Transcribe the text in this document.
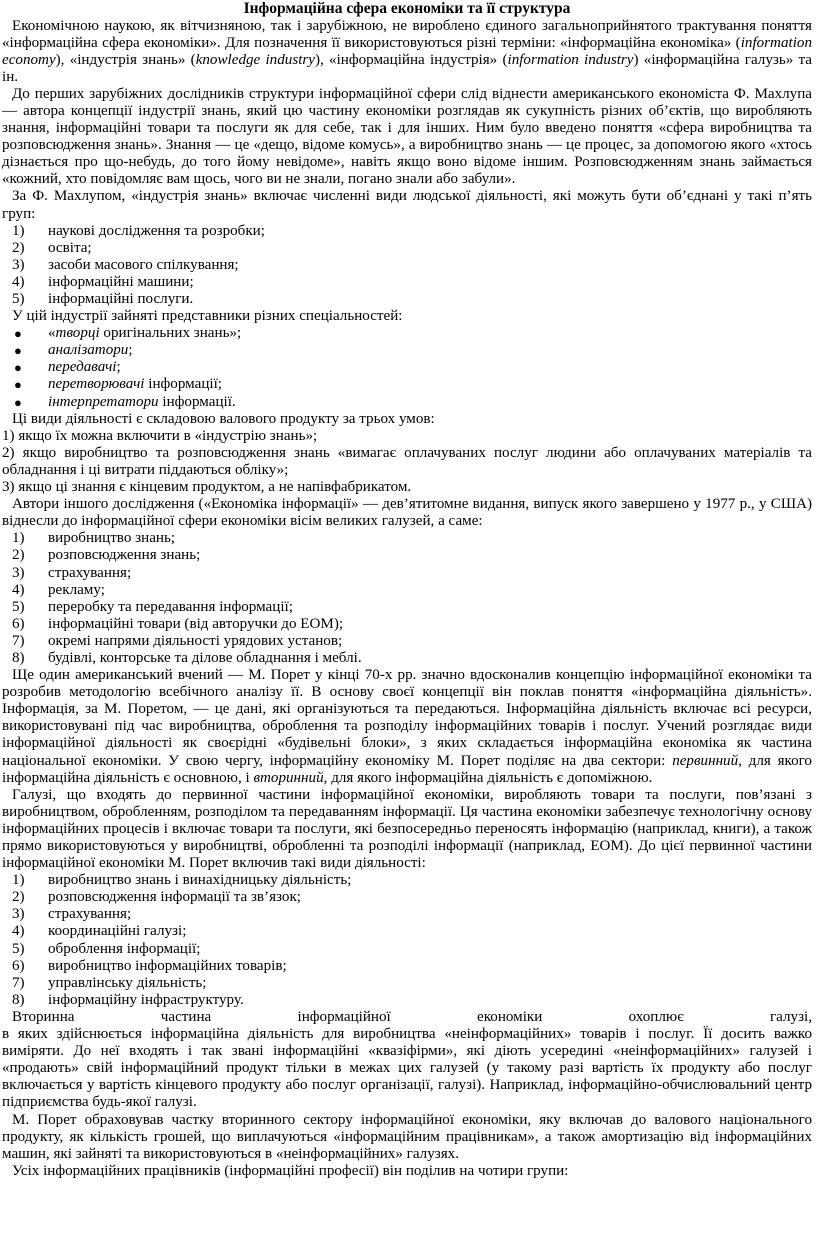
Інформаційна сфера економіки та її структура

Економічною наукою, як вітчизняною, так і зарубіжною, не вироблено єдиного загальноприйнятого трактування поняття «інформаційна сфера економіки». Для позначення її використовуються різні терміни: «інформаційна економіка» (information economy), «індустрія знань» (knowledge industry), «інформаційна індустрія» (information industry) «інформаційна галузь» та ін.

До перших зарубіжних дослідників структури інформаційної сфери слід віднести американського економіста Ф. Махлупа — автора концепції індустрії знань, який цю частину економіки розглядав як сукупність різних об’єктів, що виробляють знання, інформаційні товари та послуги як для себе, так і для інших. Ним було введено поняття «сфера виробництва та розповсюдження знань». Знання — це «дещо, відоме комусь», а виробництво знань — це процес, за допомогою якого «хтось дізнається про що-небудь, до того йому невідоме», навіть якщо воно відоме іншим. Розповсюдженням знань займається «кожний, хто повідомляє вам щось, чого ви не знали, погано знали або забули».

За Ф. Махлупом, «індустрія знань» включає численні види людської діяльності, які можуть бути об’єднані у такі п’ять груп:

1) наукові дослідження та розробки;
2) освіта;
3) засоби масового спілкування;
4) інформаційні машини;
5) інформаційні послуги.

У цій індустрії зайняті представники різних спеціальностей:

● «творці оригінальних знань»;
● аналізатори;
● передавачі;
● перетворювачі інформації;
● інтерпретатори інформації.

Ці види діяльності є складовою валового продукту за трьох умов:

1) якщо їх можна включити в «індустрію знань»;

2) якщо виробництво та розповсюдження знань «вимагає оплачуваних послуг людини або оплачуваних матеріалів та обладнання і ці витрати піддаються обліку»;

3) якщо ці знання є кінцевим продуктом, а не напівфабрикатом.

Автори іншого дослідження («Економіка інформації» — дев’ятитомне видання, випуск якого завершено у 1977 р., у США) віднесли до інформаційної сфери економіки вісім великих галузей, а саме:

1) виробництво знань;
2) розповсюдження знань;
3) страхування;
4) рекламу;
5) переробку та передавання інформації;
6) інформаційні товари (від авторучки до ЕОМ);
7) окремі напрями діяльності урядових установ;
8) будівлі, конторське та ділове обладнання і меблі.

Ще один американський вчений — М. Порет у кінці 70-х рр. значно вдосконалив концепцію інформаційної економіки та розробив методологію всебічного аналізу її. В основу своєї концепції він поклав поняття «інформаційна діяльність». Інформація, за М. Поретом, — це дані, які організуються та передаються. Інформаційна діяльність включає всі ресурси, використовувані під час виробництва, оброблення та розподілу інформаційних товарів і послуг. Учений розглядає види інформаційної діяльності як своєрідні «будівельні блоки», з яких складається інформаційна економіка як частина національної економіки. У свою чергу, інформаційну економіку М. Порет поділяє на два сектори: первинний, для якого інформаційна діяльність є основною, і вторинний, для якого інформаційна діяльність є допоміжною.

Галузі, що входять до первинної частини інформаційної економіки, виробляють товари та послуги, пов’язані з виробництвом, обробленням, розподілом та передаванням інформації. Ця частина економіки забезпечує технологічну основу інформаційних процесів і включає товари та послуги, які безпосередньо переносять інформацію (наприклад, книги), а також прямо використовуються у виробництві, обробленні та розподілі інформації (наприклад, ЕОМ). До цієї первинної частини інформаційної економіки М. Порет включив такі види діяльності:

1) виробництво знань і винахідницьку діяльність;
2) розповсюдження інформації та зв’язок;
3) страхування;
4) координаційні галузі;
5) оброблення інформації;
6) виробництво інформаційних товарів;
7) управлінську діяльність;
8) інформаційну інфраструктуру.

Вторинна частина інформаційної економіки охоплює галузі,

в яких здійснюється інформаційна діяльність для виробництва «неінформаційних» товарів і послуг. Її досить важко виміряти. До неї входять і так звані інформаційні «квазіфірми», які діють усередині «неінформаційних» галузей і «продають» свій інформаційний продукт тільки в межах цих галузей (у такому разі вартість їх продукту або послуг включається у вартість кінцевого продукту або послуг організації, галузі). Наприклад, інформаційно-обчислювальний центр підприємства будь-якої галузі.

М. Порет обраховував частку вторинного сектору інформаційної економіки, яку включав до валового національного продукту, як кількість грошей, що виплачуються «інформаційним працівникам», а також амортизацію від інформаційних машин, які зайняті та використовуються в «неінформаційних» галузях.

Усіх інформаційних працівників (інформаційні професії) він поділив на чотири групи:
